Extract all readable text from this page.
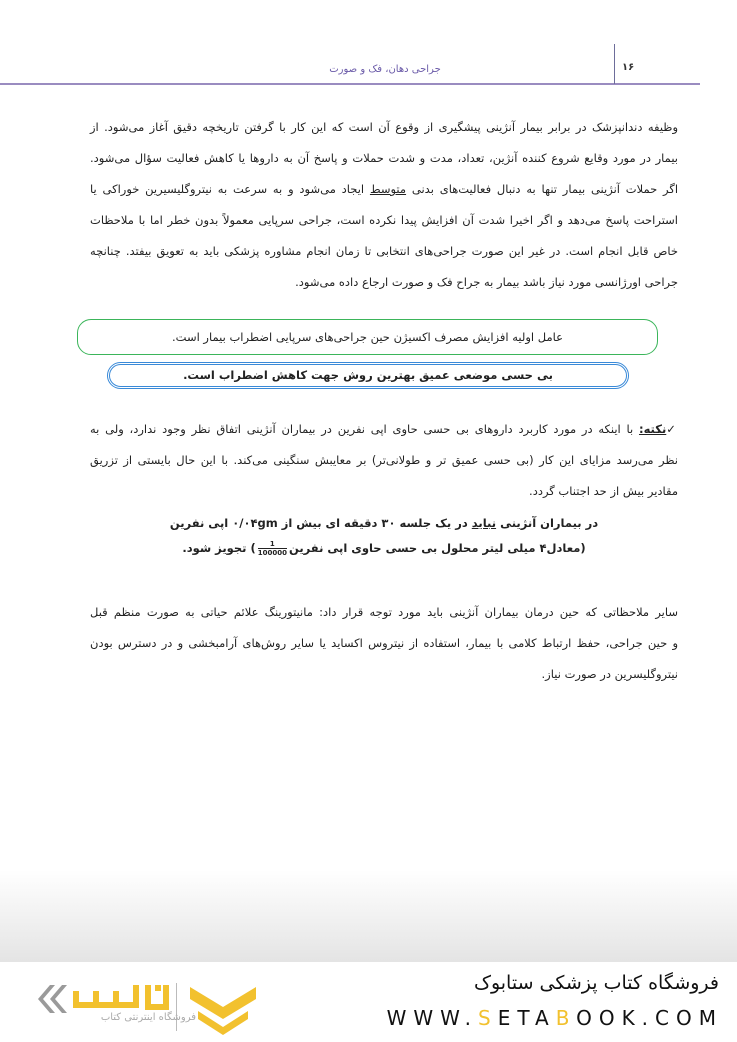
جراحی دهان، فک و صورت	۱۶
وظیفه دندانپزشک در برابر بیمار آنژینی پیشگیری از وقوع آن است که این کار با گرفتن تاریخچه دقیق آغاز می‌شود. از
بیمار در مورد وقایع شروع کننده آنژین، تعداد، مدت و شدت حملات و پاسخ آن به داروها یا کاهش فعالیت سؤال می‌شود.
اگر حملات آنژینی بیمار تنها به دنبال فعالیت‌های بدنی متوسط ایجاد می‌شود و به سرعت به نیتروگلیسیرین خوراکی یا
استراحت پاسخ می‌دهد و اگر اخیرا شدت آن افزایش پیدا نکرده است، جراحی سرپایی معمولاً بدون خطر اما با ملاحظات
خاص قابل انجام است. در غیر این صورت جراحی‌های انتخابی تا زمان انجام مشاوره پزشکی باید به تعویق بیفتد. چنانچه
جراحی اورژانسی مورد نیاز باشد بیمار به جراح فک و صورت ارجاع داده می‌شود.
عامل اولیه افزایش مصرف اکسیژن حین جراحی‌های سرپایی اضطراب بیمار است.
بی حسی موضعی عمیق بهترین روش جهت کاهش اضطراب است.
✓نکته: با اینکه در مورد کاربرد داروهای بی حسی حاوی اپی نفرین در بیماران آنژینی اتفاق نظر وجود ندارد، ولی به
نظر می‌رسد مزایای این کار (بی حسی عمیق تر و طولانی‌تر) بر معایبش سنگینی می‌کند. با این حال بایستی از تزریق
مقادیر بیش از حد اجتناب گردد.
در بیماران آنژینی نباید در یک جلسه ۳۰ دقیقه ای بیش از ۰/۰۴gm اپی نفرین
(معادل۴ میلی لیتر محلول بی حسی حاوی اپی نفرین
$\frac{1}{100000}$
) تجویز شود.
سایر ملاحظاتی که حین درمان بیماران آنژینی باید مورد توجه قرار داد: مانیتورینگ علائم حیاتی به صورت منظم قبل
و حین جراحی، حفظ ارتباط کلامی با بیمار، استفاده از نیتروس اکساید یا سایر روش‌های آرامبخشی و در دسترس بودن
نیتروگلیسرین در صورت نیاز.
فروشگاه اینترنتی کتاب
فروشگاه کتاب پزشکی ستابوک
WWW.SETABOOK.COM
